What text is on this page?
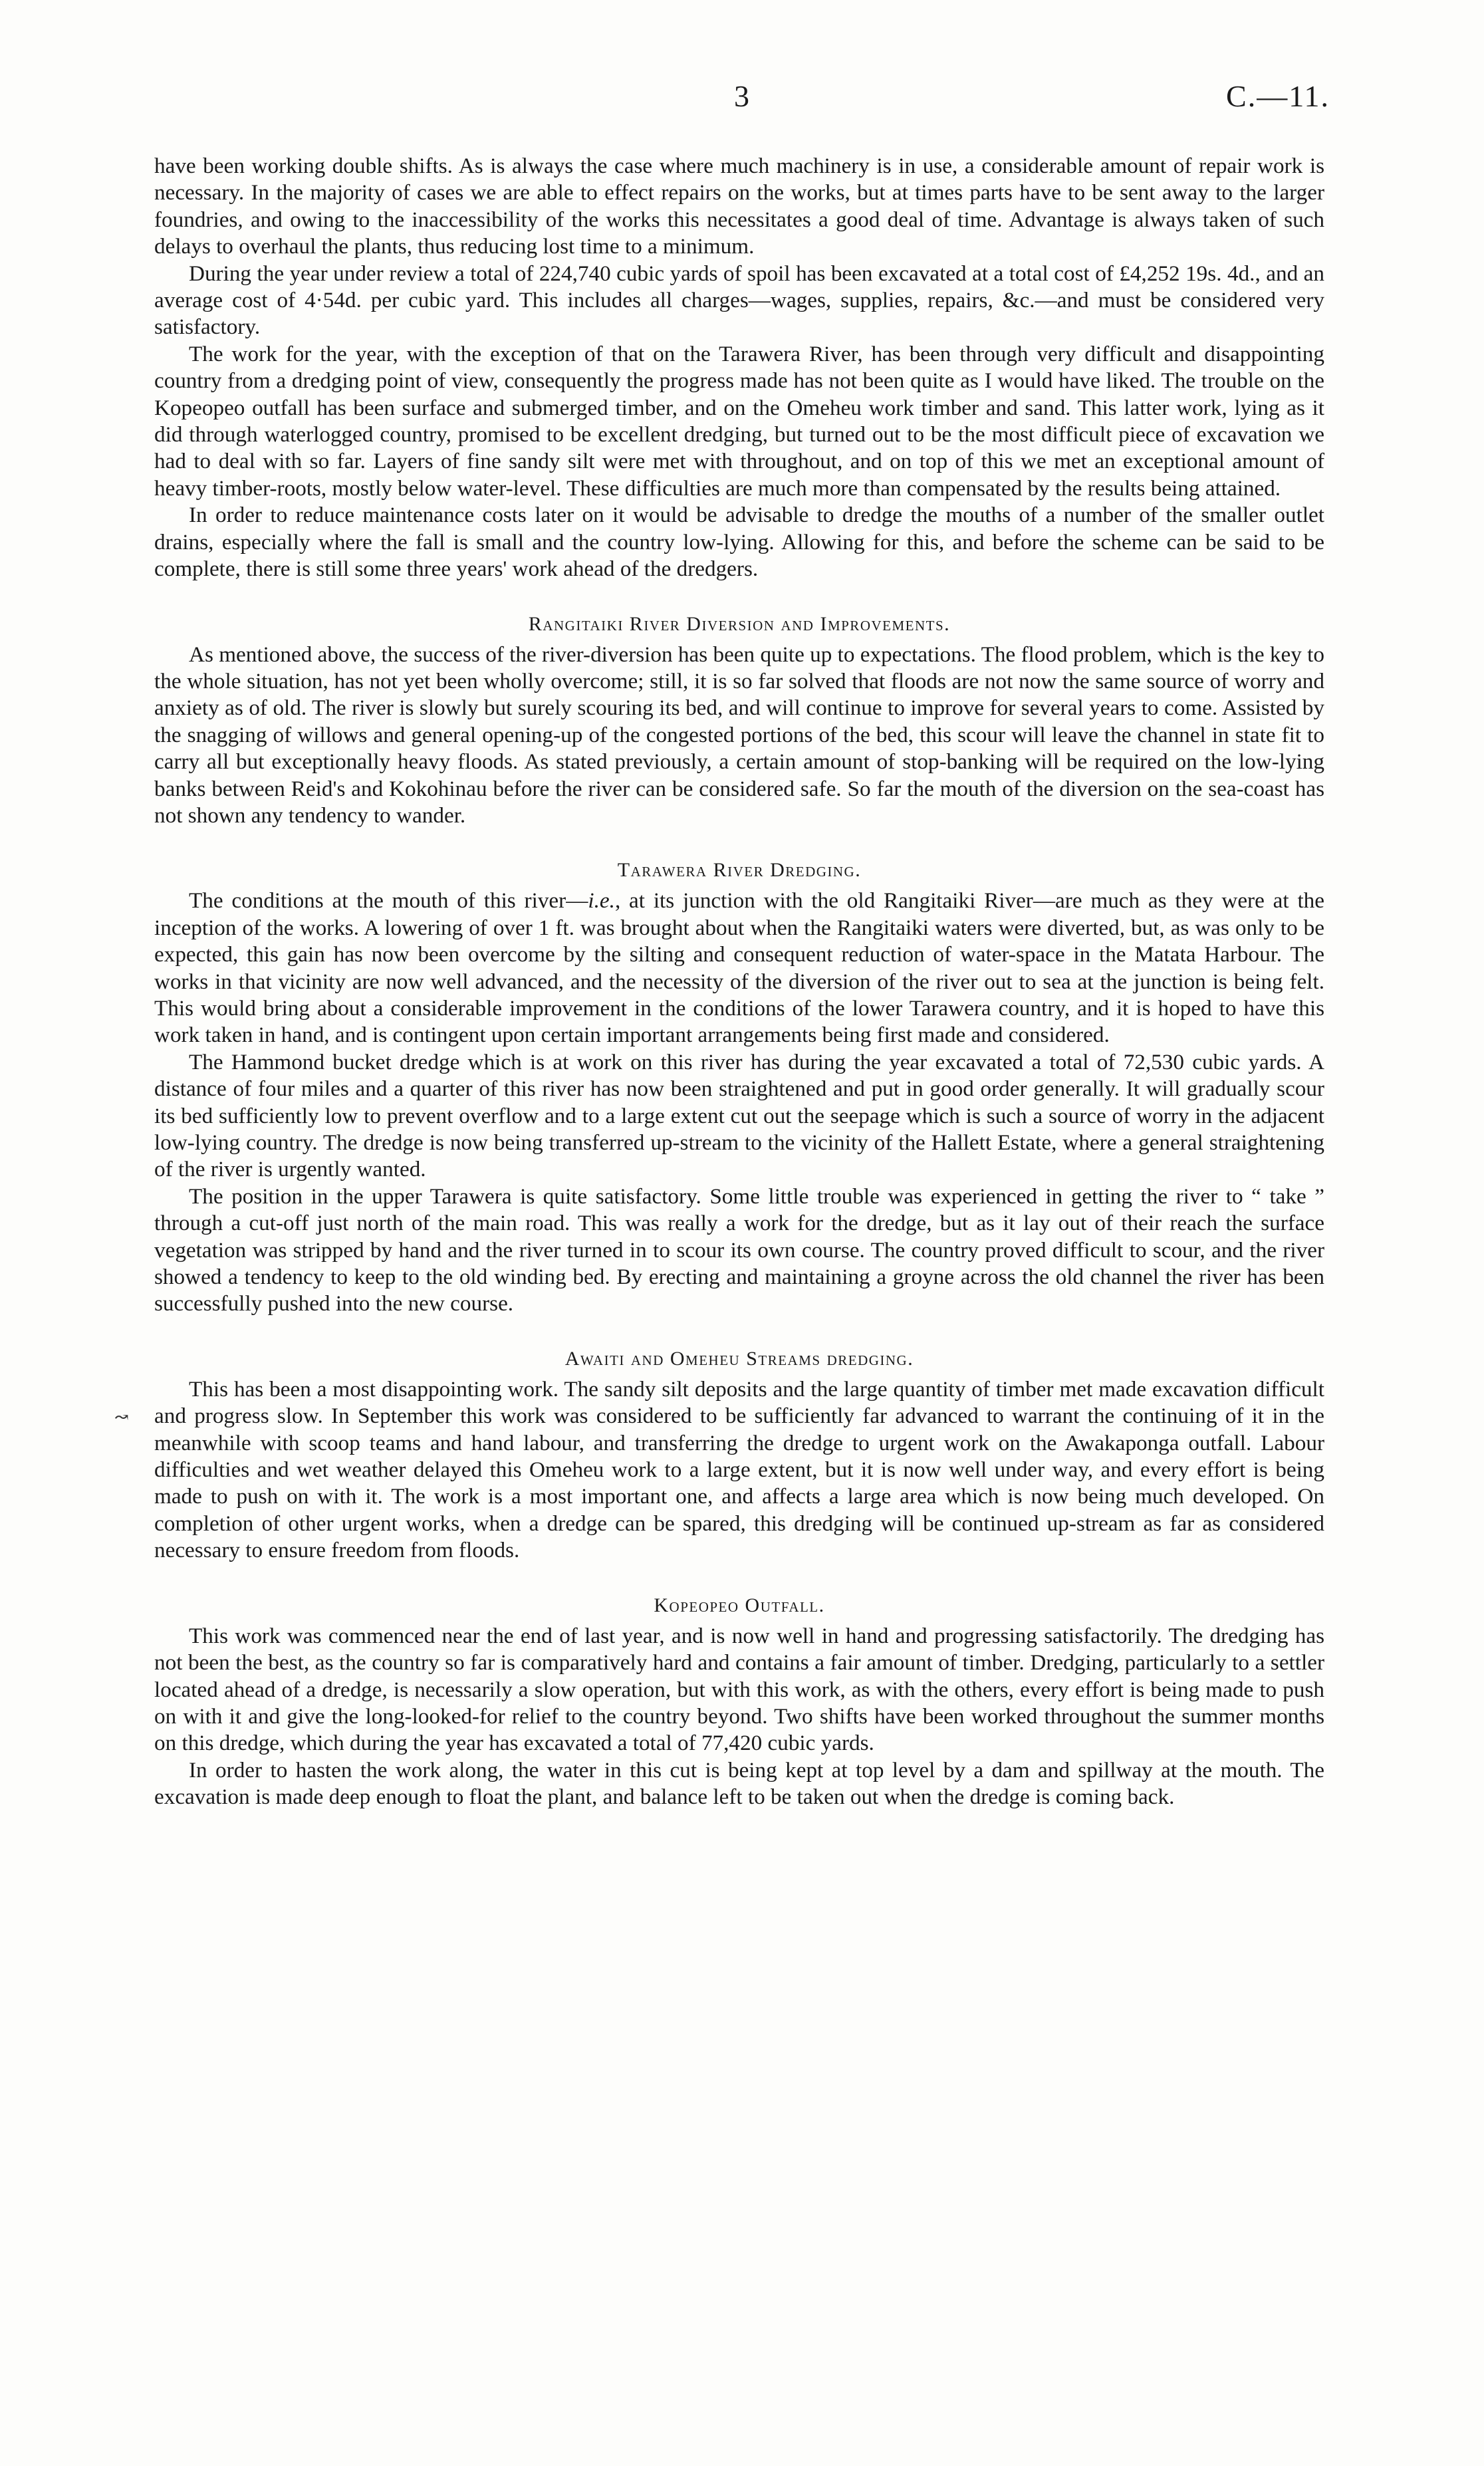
3	C.—11.
↝

have been working double shifts. As is always the case where much machinery is in use, a considerable amount of repair work is necessary. In the majority of cases we are able to effect repairs on the works, but at times parts have to be sent away to the larger foundries, and owing to the inaccessibility of the works this necessitates a good deal of time. Advantage is always taken of such delays to overhaul the plants, thus reducing lost time to a minimum.

During the year under review a total of 224,740 cubic yards of spoil has been excavated at a total cost of £4,252 19s. 4d., and an average cost of 4·54d. per cubic yard. This includes all charges—wages, supplies, repairs, &c.—and must be considered very satisfactory.

The work for the year, with the exception of that on the Tarawera River, has been through very difficult and disappointing country from a dredging point of view, consequently the progress made has not been quite as I would have liked. The trouble on the Kopeopeo outfall has been surface and submerged timber, and on the Omeheu work timber and sand. This latter work, lying as it did through waterlogged country, promised to be excellent dredging, but turned out to be the most difficult piece of excavation we had to deal with so far. Layers of fine sandy silt were met with throughout, and on top of this we met an exceptional amount of heavy timber-roots, mostly below water-level. These difficulties are much more than compensated by the results being attained.

In order to reduce maintenance costs later on it would be advisable to dredge the mouths of a number of the smaller outlet drains, especially where the fall is small and the country low-lying. Allowing for this, and before the scheme can be said to be complete, there is still some three years' work ahead of the dredgers.

Rangitaiki River Diversion and Improvements.

As mentioned above, the success of the river-diversion has been quite up to expectations. The flood problem, which is the key to the whole situation, has not yet been wholly overcome; still, it is so far solved that floods are not now the same source of worry and anxiety as of old. The river is slowly but surely scouring its bed, and will continue to improve for several years to come. Assisted by the snagging of willows and general opening-up of the congested portions of the bed, this scour will leave the channel in state fit to carry all but exceptionally heavy floods. As stated previously, a certain amount of stop-banking will be required on the low-lying banks between Reid's and Kokohinau before the river can be considered safe. So far the mouth of the diversion on the sea-coast has not shown any tendency to wander.

Tarawera River Dredging.

The conditions at the mouth of this river—i.e., at its junction with the old Rangitaiki River—are much as they were at the inception of the works. A lowering of over 1 ft. was brought about when the Rangitaiki waters were diverted, but, as was only to be expected, this gain has now been overcome by the silting and consequent reduction of water-space in the Matata Harbour. The works in that vicinity are now well advanced, and the necessity of the diversion of the river out to sea at the junction is being felt. This would bring about a considerable improvement in the conditions of the lower Tarawera country, and it is hoped to have this work taken in hand, and is contingent upon certain important arrangements being first made and considered.

The Hammond bucket dredge which is at work on this river has during the year excavated a total of 72,530 cubic yards. A distance of four miles and a quarter of this river has now been straightened and put in good order generally. It will gradually scour its bed sufficiently low to prevent overflow and to a large extent cut out the seepage which is such a source of worry in the adjacent low-lying country. The dredge is now being transferred up-stream to the vicinity of the Hallett Estate, where a general straightening of the river is urgently wanted.

The position in the upper Tarawera is quite satisfactory. Some little trouble was experienced in getting the river to “ take ” through a cut-off just north of the main road. This was really a work for the dredge, but as it lay out of their reach the surface vegetation was stripped by hand and the river turned in to scour its own course. The country proved difficult to scour, and the river showed a tendency to keep to the old winding bed. By erecting and maintaining a groyne across the old channel the river has been successfully pushed into the new course.

Awaiti and Omeheu Streams dredging.

This has been a most disappointing work. The sandy silt deposits and the large quantity of timber met made excavation difficult and progress slow. In September this work was considered to be sufficiently far advanced to warrant the continuing of it in the meanwhile with scoop teams and hand labour, and transferring the dredge to urgent work on the Awakaponga outfall. Labour difficulties and wet weather delayed this Omeheu work to a large extent, but it is now well under way, and every effort is being made to push on with it. The work is a most important one, and affects a large area which is now being much developed. On completion of other urgent works, when a dredge can be spared, this dredging will be continued up-stream as far as considered necessary to ensure freedom from floods.

Kopeopeo Outfall.

This work was commenced near the end of last year, and is now well in hand and progressing satisfactorily. The dredging has not been the best, as the country so far is comparatively hard and contains a fair amount of timber. Dredging, particularly to a settler located ahead of a dredge, is necessarily a slow operation, but with this work, as with the others, every effort is being made to push on with it and give the long-looked-for relief to the country beyond. Two shifts have been worked throughout the summer months on this dredge, which during the year has excavated a total of 77,420 cubic yards.

In order to hasten the work along, the water in this cut is being kept at top level by a dam and spillway at the mouth. The excavation is made deep enough to float the plant, and balance left to be taken out when the dredge is coming back.
